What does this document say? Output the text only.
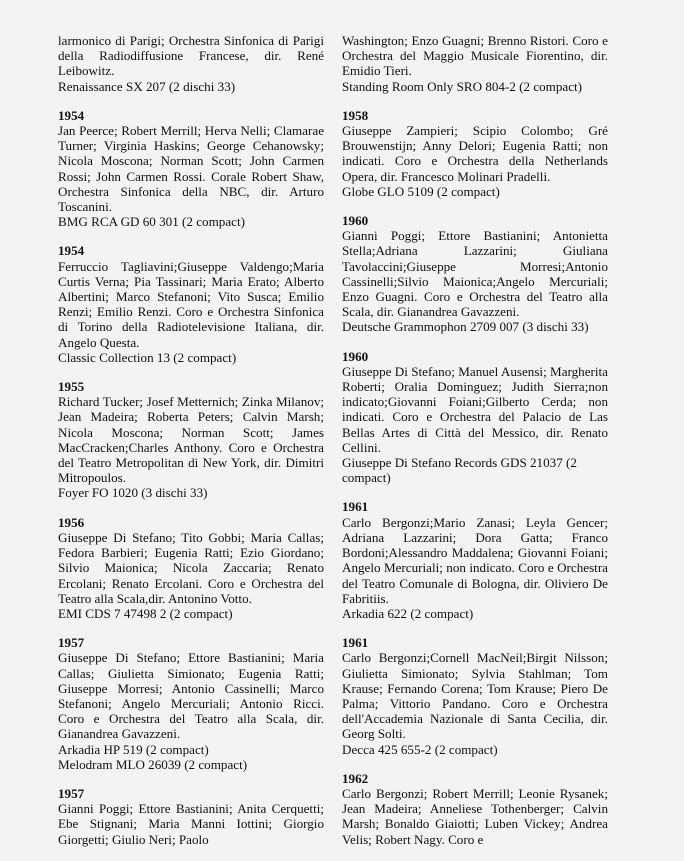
larmonico di Parigi; Orchestra Sinfonica di Parigi della Radiodiffusione Francese, dir. René Leibowitz.
Renaissance SX 207 (2 dischi 33)

1954
Jan Peerce; Robert Merrill; Herva Nelli; Clamarae Turner; Virginia Haskins; George Cehanowsky; Nicola Moscona; Norman Scott; John Carmen Rossi; John Carmen Rossi. Corale Robert Shaw, Orchestra Sinfonica della NBC, dir. Arturo Toscanini.
BMG RCA GD 60 301 (2 compact)

1954
Ferruccio Tagliavini;Giuseppe Valdengo;Maria Curtis Verna; Pia Tassinari; Maria Erato; Alberto Albertini; Marco Stefanoni; Vito Susca; Emilio Renzi; Emilio Renzi. Coro e Orchestra Sinfonica di Torino della Radiotelevisione Italiana, dir. Angelo Questa.
Classic Collection 13 (2 compact)

1955
Richard Tucker; Josef Metternich; Zinka Milanov; Jean Madeira; Roberta Peters; Calvin Marsh; Nicola Moscona; Norman Scott; James MacCracken;Charles Anthony. Coro e Orchestra del Teatro Metropolitan di New York, dir. Dimitri Mitropoulos.
Foyer FO 1020 (3 dischi 33)

1956
Giuseppe Di Stefano; Tito Gobbi; Maria Callas; Fedora Barbieri; Eugenia Ratti; Ezio Giordano; Silvio Maionica; Nicola Zaccaria; Renato Ercolani; Renato Ercolani. Coro e Orchestra del Teatro alla Scala,dir. Antonino Votto.
EMI CDS 7 47498 2 (2 compact)

1957
Giuseppe Di Stefano; Ettore Bastianini; Maria Callas; Giulietta Simionato; Eugenia Ratti; Giuseppe Morresi; Antonio Cassinelli; Marco Stefanoni; Angelo Mercuriali; Antonio Ricci. Coro e Orchestra del Teatro alla Scala, dir. Gianandrea Gavazzeni.
Arkadia HP 519 (2 compact)
Melodram MLO 26039 (2 compact)

1957
Gianni Poggi; Ettore Bastianini; Anita Cerquetti; Ebe Stignani; Maria Manni Iottini; Giorgio Giorgetti; Giulio Neri; Paolo

Washington; Enzo Guagni; Brenno Ristori. Coro e Orchestra del Maggio Musicale Fiorentino, dir. Emidio Tieri.
Standing Room Only SRO 804-2 (2 compact)

1958
Giuseppe Zampieri; Scipio Colombo; Gré Brouwenstijn; Anny Delori; Eugenia Ratti; non indicati. Coro e Orchestra della Netherlands Opera, dir. Francesco Molinari Pradelli.
Globe GLO 5109 (2 compact)

1960
Gianni Poggi; Ettore Bastianini; Antonietta Stella;Adriana Lazzarini; Giuliana Tavolaccini;Giuseppe Morresi;Antonio Cassinelli;Silvio Maionica;Angelo Mercuriali; Enzo Guagni. Coro e Orchestra del Teatro alla Scala, dir. Gianandrea Gavazzeni.
Deutsche Grammophon 2709 007 (3 dischi 33)

1960
Giuseppe Di Stefano; Manuel Ausensi; Margherita Roberti; Oralia Dominguez; Judith Sierra;non indicato;Giovanni Foiani;Gilberto Cerda; non indicati. Coro e Orchestra del Palacio de Las Bellas Artes di Città del Messico, dir. Renato Cellini.
Giuseppe Di Stefano Records GDS 21037 (2 compact)

1961
Carlo Bergonzi;Mario Zanasi; Leyla Gencer; Adriana Lazzarini; Dora Gatta; Franco Bordoni;Alessandro Maddalena; Giovanni Foiani; Angelo Mercuriali; non indicato. Coro e Orchestra del Teatro Comunale di Bologna, dir. Oliviero De Fabritiis.
Arkadia 622 (2 compact)

1961
Carlo Bergonzi;Cornell MacNeil;Birgit Nilsson; Giulietta Simionato; Sylvia Stahlman; Tom Krause; Fernando Corena; Tom Krause; Piero De Palma; Vittorio Pandano. Coro e Orchestra dell'Accademia Nazionale di Santa Cecilia, dir. Georg Solti.
Decca 425 655-2 (2 compact)

1962
Carlo Bergonzi; Robert Merrill; Leonie Rysanek; Jean Madeira; Anneliese Tothenberger; Calvin Marsh; Bonaldo Giaiotti; Luben Vickey; Andrea Velis; Robert Nagy. Coro e
